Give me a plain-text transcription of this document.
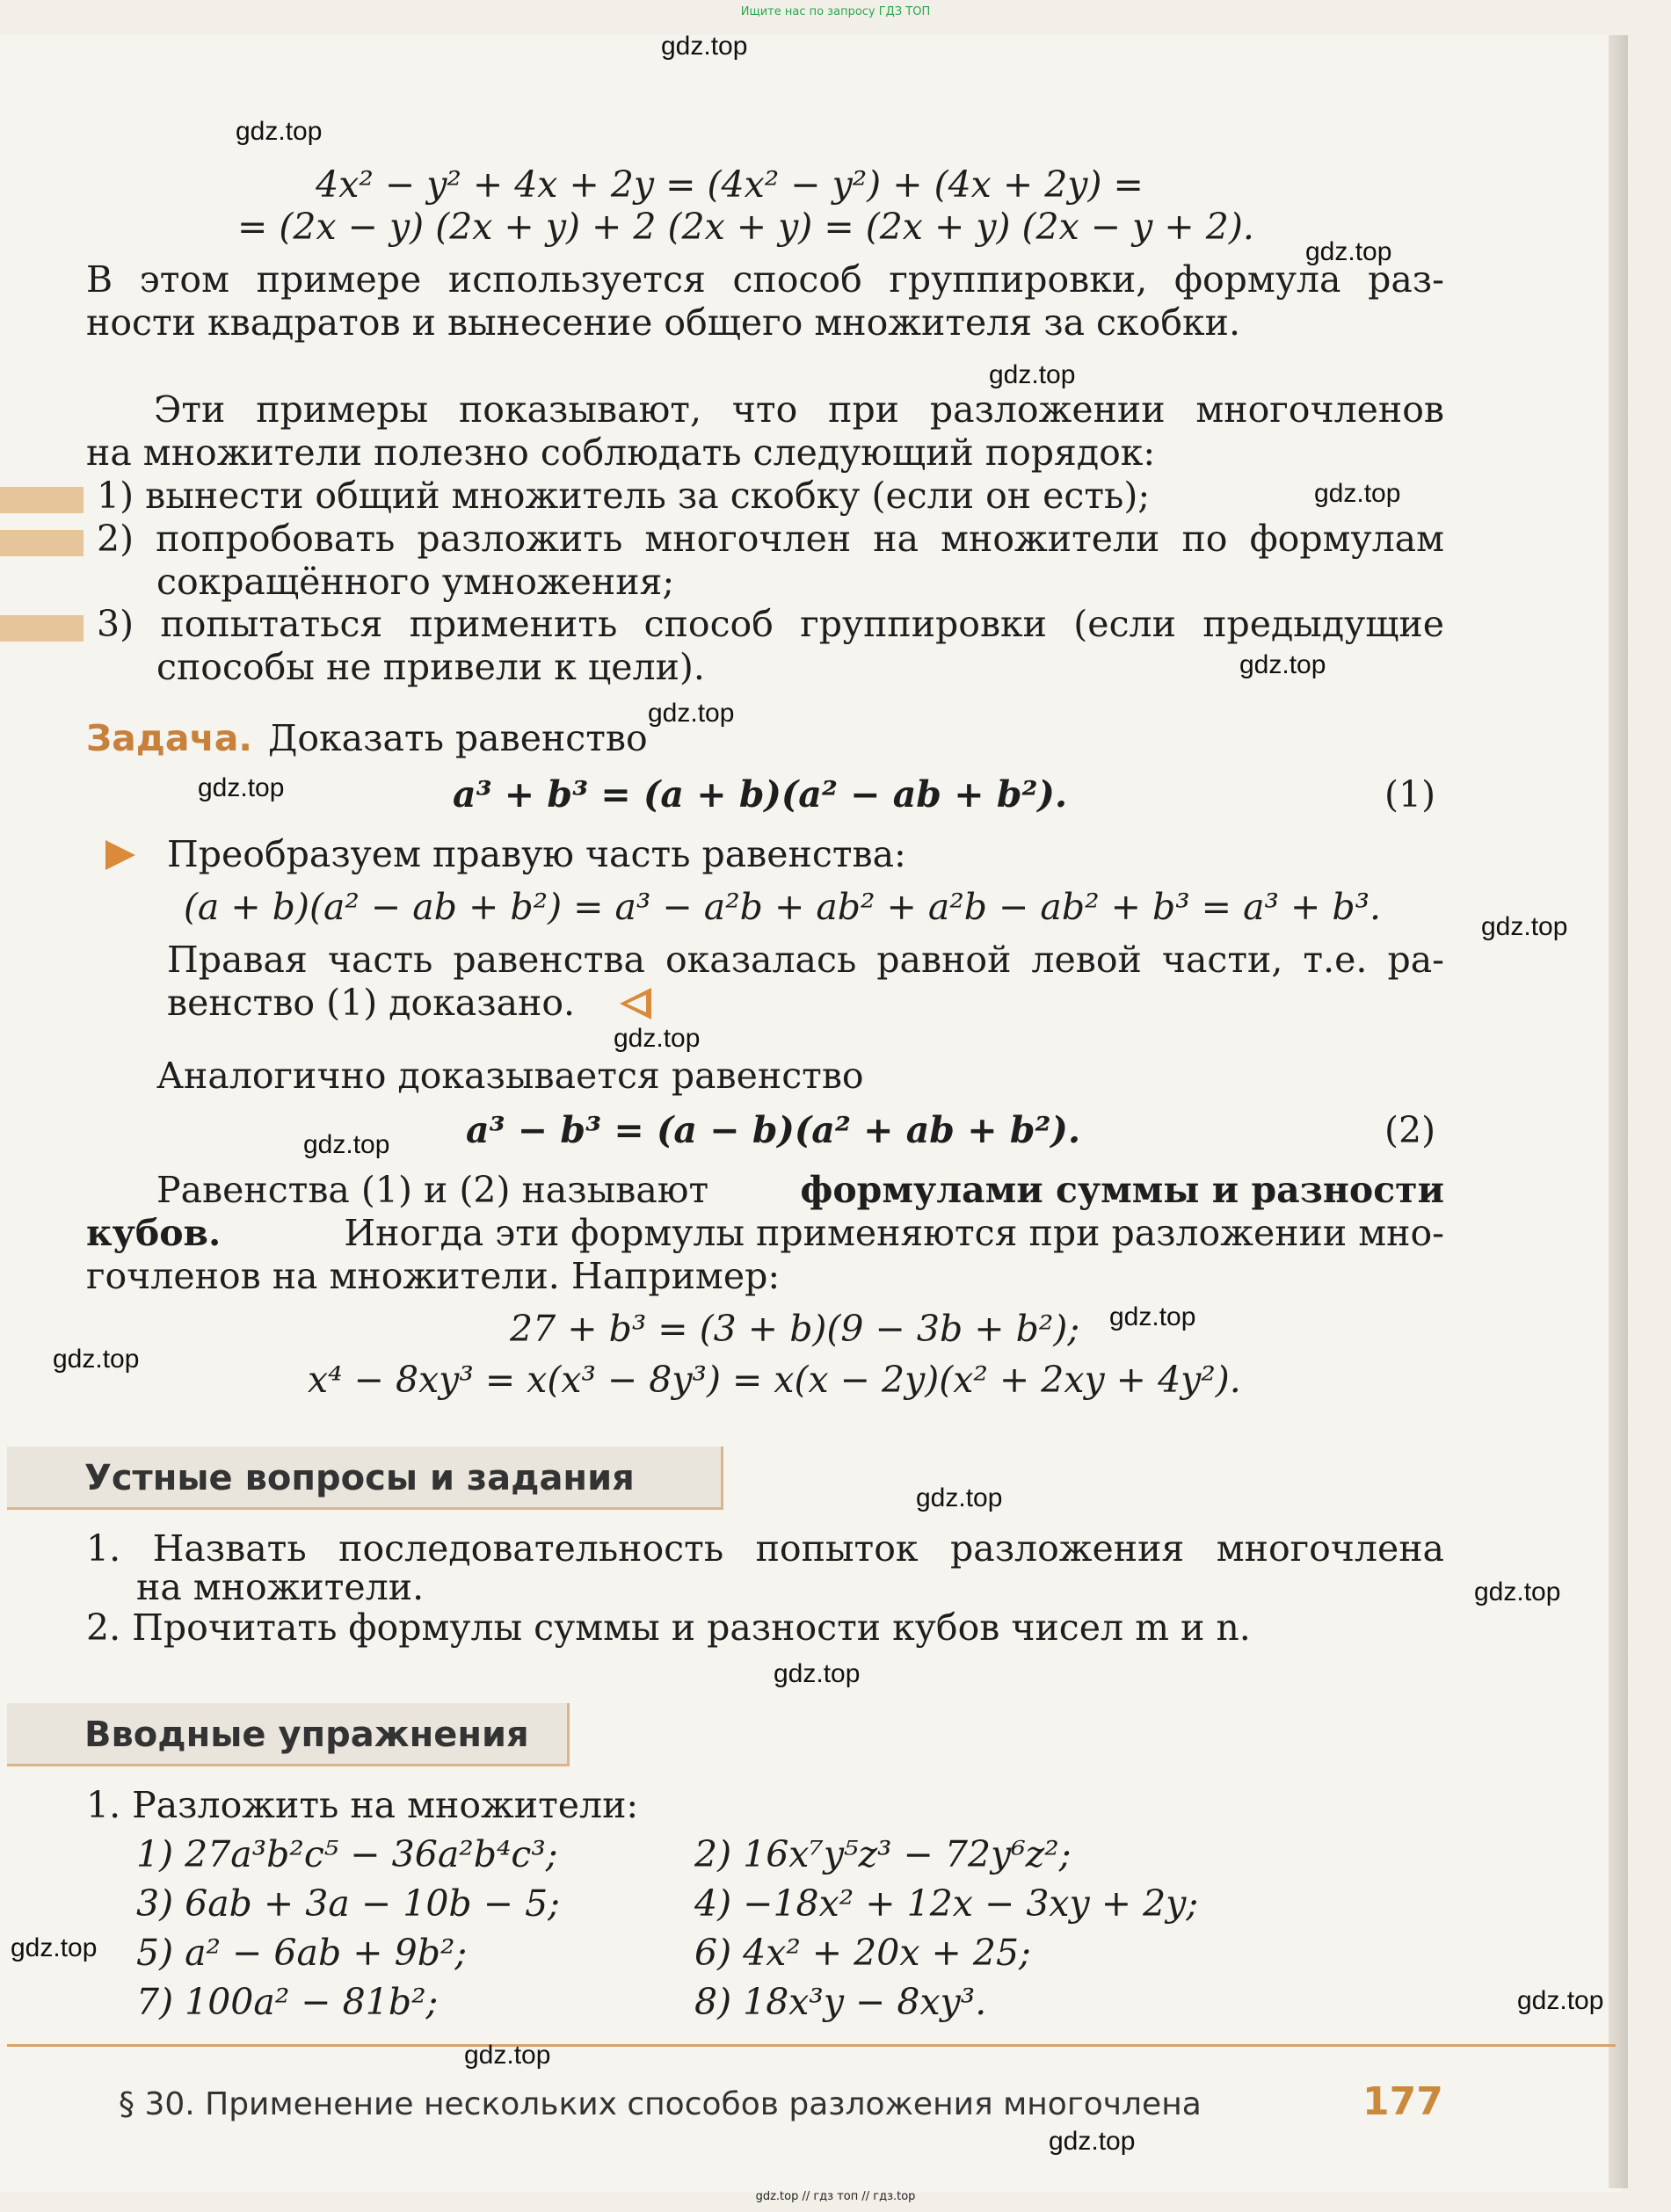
Ищите нас по запросу ГДЗ ТОП
4x² − y² + 4x + 2y = (4x² − y²) + (4x + 2y) =
= (2x − y) (2x + y) + 2 (2x + y) = (2x + y) (2x − y + 2).
В этом примере используется способ группировки, формула раз-
ности квадратов и вынесение общего множителя за скобки.
Эти примеры показывают, что при разложении многочленов
на множители полезно соблюдать следующий порядок:
1) вынести общий множитель за скобку (если он есть);
2) попробовать разложить многочлен на множители по формулам
сокращённого умножения;
3) попытаться применить способ группировки (если предыдущие
способы не привели к цели).
Задача. Доказать равенство
a³ + b³ = (a + b)(a² − ab + b²).	(1)
Преобразуем правую часть равенства:
(a + b)(a² − ab + b²) = a³ − a²b + ab² + a²b − ab² + b³ = a³ + b³.
Правая часть равенства оказалась равной левой части, т.е. ра-
венство (1) доказано.
Аналогично доказывается равенство
a³ − b³ = (a − b)(a² + ab + b²).	(2)
Равенства (1) и (2) называют	формулами суммы и разности
кубов.	Иногда эти формулы применяются при разложении мно-
гочленов на множители. Например:
27 + b³ = (3 + b)(9 − 3b + b²);
x⁴ − 8xy³ = x(x³ − 8y³) = x(x − 2y)(x² + 2xy + 4y²).
Устные вопросы и задания
1. Назвать последовательность попыток разложения многочлена
на множители.
2. Прочитать формулы суммы и разности кубов чисел m и n.
Вводные упражнения
1. Разложить на множители:
1) 27a³b²c⁵ − 36a²b⁴c³;	2) 16x⁷y⁵z³ − 72y⁶z²;
3) 6ab + 3a − 10b − 5;	4) −18x² + 12x − 3xy + 2y;
5) a² − 6ab + 9b²;	6) 4x² + 20x + 25;
7) 100a² − 81b²;	8) 18x³y − 8xy³.
§ 30. Применение нескольких способов разложения многочлена	177
gdz.top
gdz.top
gdz.top
gdz.top
gdz.top
gdz.top
gdz.top
gdz.top
gdz.top
gdz.top
gdz.top
gdz.top
gdz.top
gdz.top
gdz.top
gdz.top
gdz.top
gdz.top
gdz.top
gdz.top
gdz.top // гдз топ // гдз.top
